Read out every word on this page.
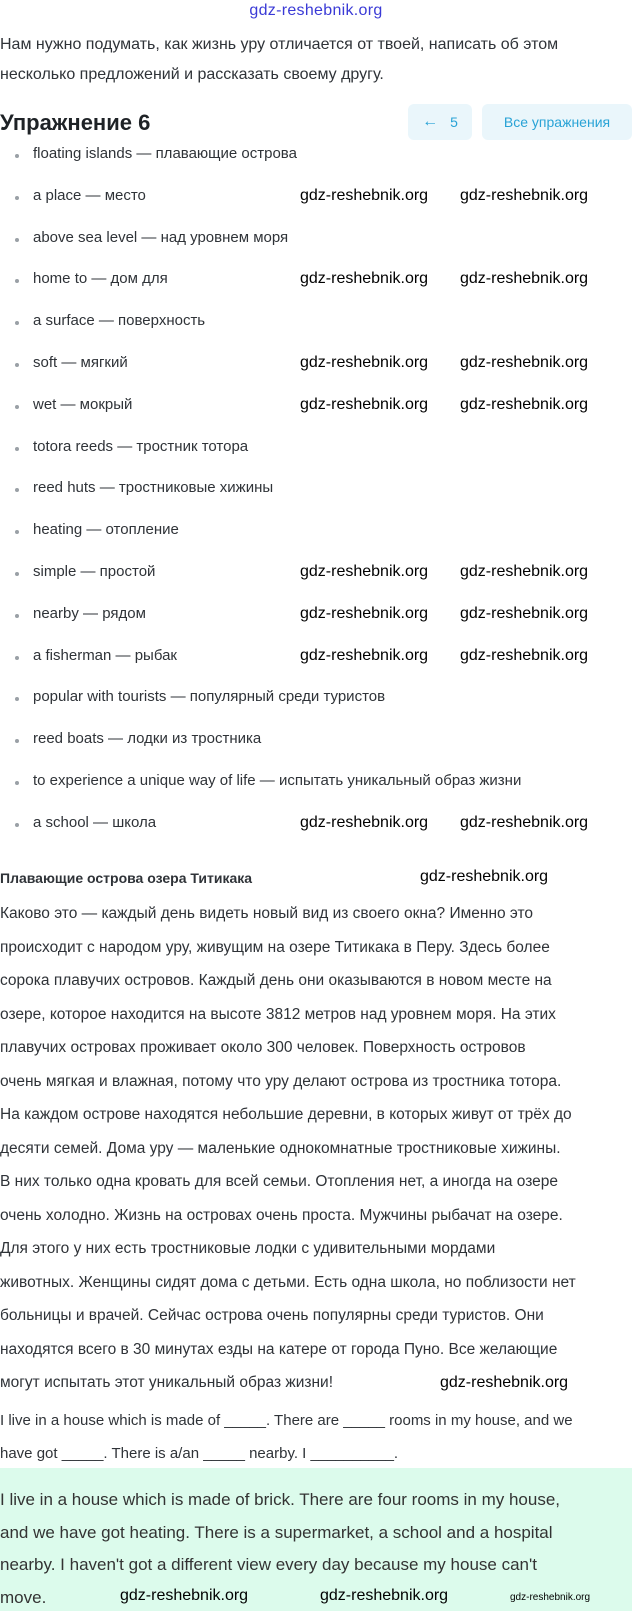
gdz-reshebnik.org
Нам нужно подумать, как жизнь уру отличается от твоей, написать об этом
несколько предложений и рассказать своему другу.
Упражнение 6	← 5	Все упражнения
floating islands — плавающие острова
a place — место
above sea level — над уровнем моря
home to — дом для
a surface — поверхность
soft — мягкий
wet — мокрый
totora reeds — тростник тотора
reed huts — тростниковые хижины
heating — отопление
simple — простой
nearby — рядом
a fisherman — рыбак
popular with tourists — популярный среди туристов
reed boats — лодки из тростника
to experience a unique way of life — испытать уникальный образ жизни
a school — школа
Плавающие острова озера Титикака
Каково это — каждый день видеть новый вид из своего окна? Именно это
происходит с народом уру, живущим на озере Титикака в Перу. Здесь более
сорока плавучих островов. Каждый день они оказываются в новом месте на
озере, которое находится на высоте 3812 метров над уровнем моря. На этих
плавучих островах проживает около 300 человек. Поверхность островов
очень мягкая и влажная, потому что уру делают острова из тростника тотора.
На каждом острове находятся небольшие деревни, в которых живут от трёх до
десяти семей. Дома уру — маленькие однокомнатные тростниковые хижины.
В них только одна кровать для всей семьи. Отопления нет, а иногда на озере
очень холодно. Жизнь на островах очень проста. Мужчины рыбачат на озере.
Для этого у них есть тростниковые лодки с удивительными мордами
животных. Женщины сидят дома с детьми. Есть одна школа, но поблизости нет
больницы и врачей. Сейчас острова очень популярны среди туристов. Они
находятся всего в 30 минутах езды на катере от города Пуно. Все желающие
могут испытать этот уникальный образ жизни!
I live in a house which is made of _____. There are _____ rooms in my house, and we
have got _____. There is a/an _____ nearby. I __________.
I live in a house which is made of brick. There are four rooms in my house,
and we have got heating. There is a supermarket, a school and a hospital
nearby. I haven't got a different view every day because my house can't
move.
gdz-reshebnik.org gdz-reshebnik.org
gdz-reshebnik.org gdz-reshebnik.org
gdz-reshebnik.org gdz-reshebnik.org
gdz-reshebnik.org gdz-reshebnik.org
gdz-reshebnik.org gdz-reshebnik.org
gdz-reshebnik.org gdz-reshebnik.org
gdz-reshebnik.org gdz-reshebnik.org
gdz-reshebnik.org gdz-reshebnik.org
gdz-reshebnik.org
gdz-reshebnik.org
gdz-reshebnik.org	gdz-reshebnik.org	gdz-reshebnik.org
